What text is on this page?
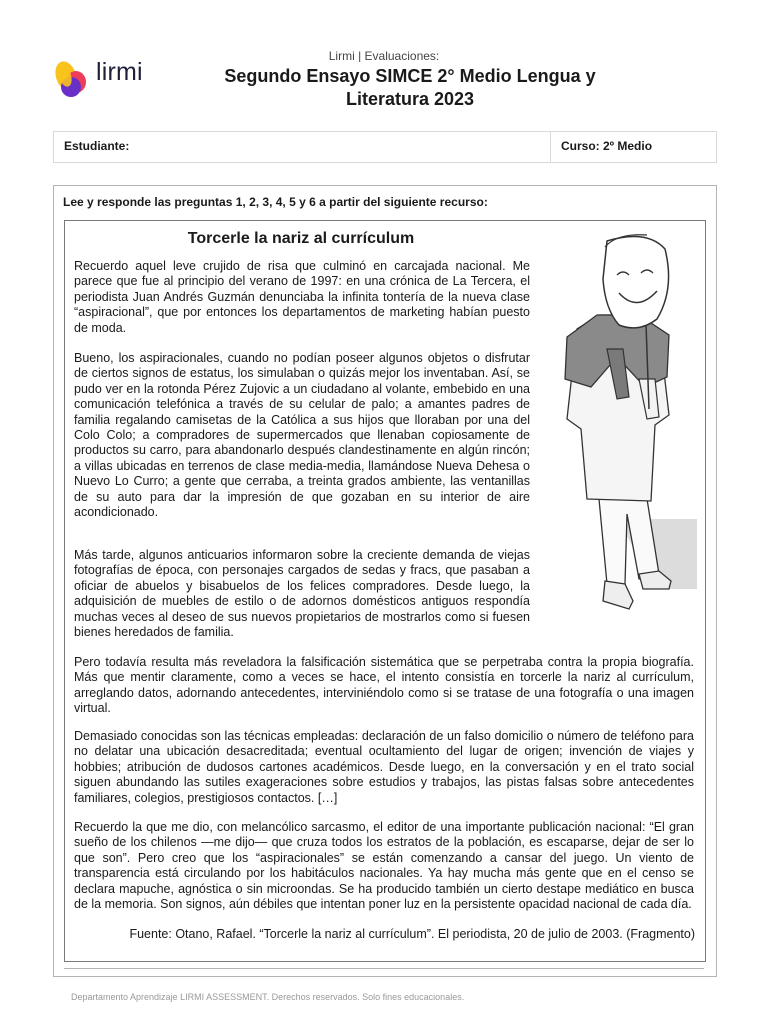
lirmi
Lirmi | Evaluaciones:
Segundo Ensayo SIMCE 2° Medio Lengua y Literatura 2023
Estudiante:	Curso: 2º Medio
Lee y responde las preguntas 1, 2, 3, 4, 5 y 6 a partir del siguiente recurso:
Torcerle la nariz al currículum

Recuerdo aquel leve crujido de risa que culminó en carcajada nacional. Me parece que fue al principio del verano de 1997: en una crónica de La Tercera, el periodista Juan Andrés Guzmán denunciaba la infinita tontería de la nueva clase “aspiracional”, que por entonces los departamentos de marketing habían puesto de moda.

Bueno, los aspiracionales, cuando no podían poseer algunos objetos o disfrutar de ciertos signos de estatus, los simulaban o quizás mejor los inventaban. Así, se pudo ver en la rotonda Pérez Zujovic a un ciudadano al volante, embebido en una comunicación telefónica a través de su celular de palo; a amantes padres de familia regalando camisetas de la Católica a sus hijos que lloraban por una del Colo Colo; a compradores de supermercados que llenaban copiosamente de productos su carro, para abandonarlo después clandestinamente en algún rincón; a villas ubicadas en terrenos de clase media-media, llamándose Nueva Dehesa o Nuevo Lo Curro; a gente que cerraba, a treinta grados ambiente, las ventanillas de su auto para dar la impresión de que gozaban en su interior de aire acondicionado.

Más tarde, algunos anticuarios informaron sobre la creciente demanda de viejas fotografías de época, con personajes cargados de sedas y fracs, que pasaban a oficiar de abuelos y bisabuelos de los felices compradores. Desde luego, la adquisición de muebles de estilo o de adornos domésticos antiguos respondía muchas veces al deseo de sus nuevos propietarios de mostrarlos como si fuesen bienes heredados de familia.

Pero todavía resulta más reveladora la falsificación sistemática que se perpetraba contra la propia biografía. Más que mentir claramente, como a veces se hace, el intento consistía en torcerle la nariz al currículum, arreglando datos, adornando antecedentes, interviniéndolo como si se tratase de una fotografía o una imagen virtual.

Demasiado conocidas son las técnicas empleadas: declaración de un falso domicilio o número de teléfono para no delatar una ubicación desacreditada; eventual ocultamiento del lugar de origen; invención de viajes y hobbies; atribución de dudosos cartones académicos. Desde luego, en la conversación y en el trato social siguen abundando las sutiles exageraciones sobre estudios y trabajos, las pistas falsas sobre antecedentes familiares, colegios, prestigiosos contactos. […]

Recuerdo la que me dio, con melancólico sarcasmo, el editor de una importante publicación nacional: “El gran sueño de los chilenos —me dijo— que cruza todos los estratos de la población, es escaparse, dejar de ser lo que son”. Pero creo que los “aspiracionales” se están comenzando a cansar del juego. Un viento de transparencia está circulando por los habitáculos nacionales. Ya hay mucha más gente que en el censo se declara mapuche, agnóstica o sin microondas. Se ha producido también un cierto destape mediático en busca de la memoria. Son signos, aún débiles que intentan poner luz en la persistente opacidad nacional de cada día.

Fuente: Otano, Rafael. “Torcerle la nariz al currículum”. El periodista, 20 de julio de 2003. (Fragmento)

Departamento Aprendizaje LIRMI ASSESSMENT. Derechos reservados. Solo fines educacionales.
